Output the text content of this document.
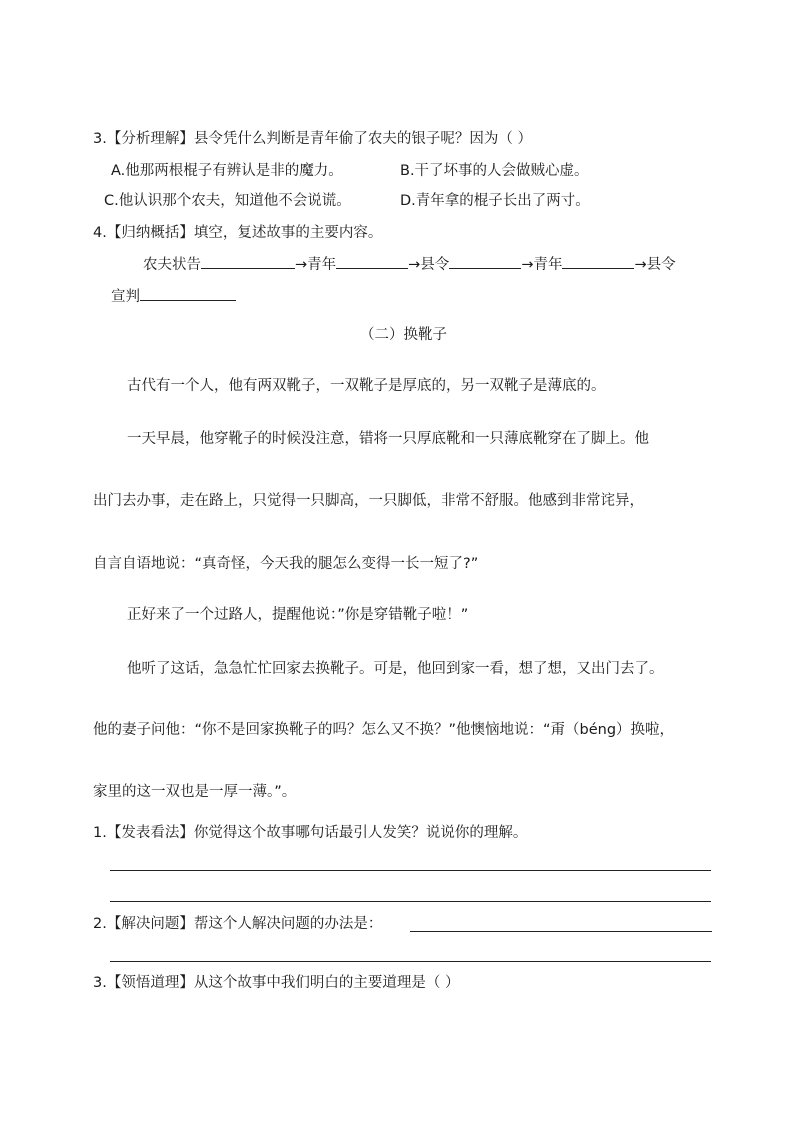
3.【分析理解】县令凭什么判断是青年偷了农夫的银子呢？因为（ ）
A.他那两根棍子有辨认是非的魔力。	B.干了坏事的人会做贼心虚。
C.他认识那个农夫，知道他不会说谎。	D.青年拿的棍子长出了两寸。
4.【归纳概括】填空，复述故事的主要内容。
农夫状告	→青年	→县令	→青年	→县令
宣判
（二）换靴子
古代有一个人，他有两双靴子，一双靴子是厚底的，另一双靴子是薄底的。
一天早晨，他穿靴子的时候没注意，错将一只厚底靴和一只薄底靴穿在了脚上。他
出门去办事，走在路上，只觉得一只脚高，一只脚低，非常不舒服。他感到非常诧异，
自言自语地说：“真奇怪，今天我的腿怎么变得一长一短了?”
正好来了一个过路人，提醒他说：”你是穿错靴子啦！”
他听了这话，急急忙忙回家去换靴子。可是，他回到家一看，想了想，又出门去了。
他的妻子问他：“你不是回家换靴子的吗？怎么又不换？”他懊恼地说：“甭（béng）换啦，
家里的这一双也是一厚一薄。”。
1.【发表看法】你觉得这个故事哪句话最引人发笑？说说你的理解。
2.【解决问题】帮这个人解决问题的办法是：
3.【领悟道理】从这个故事中我们明白的主要道理是（ ）
